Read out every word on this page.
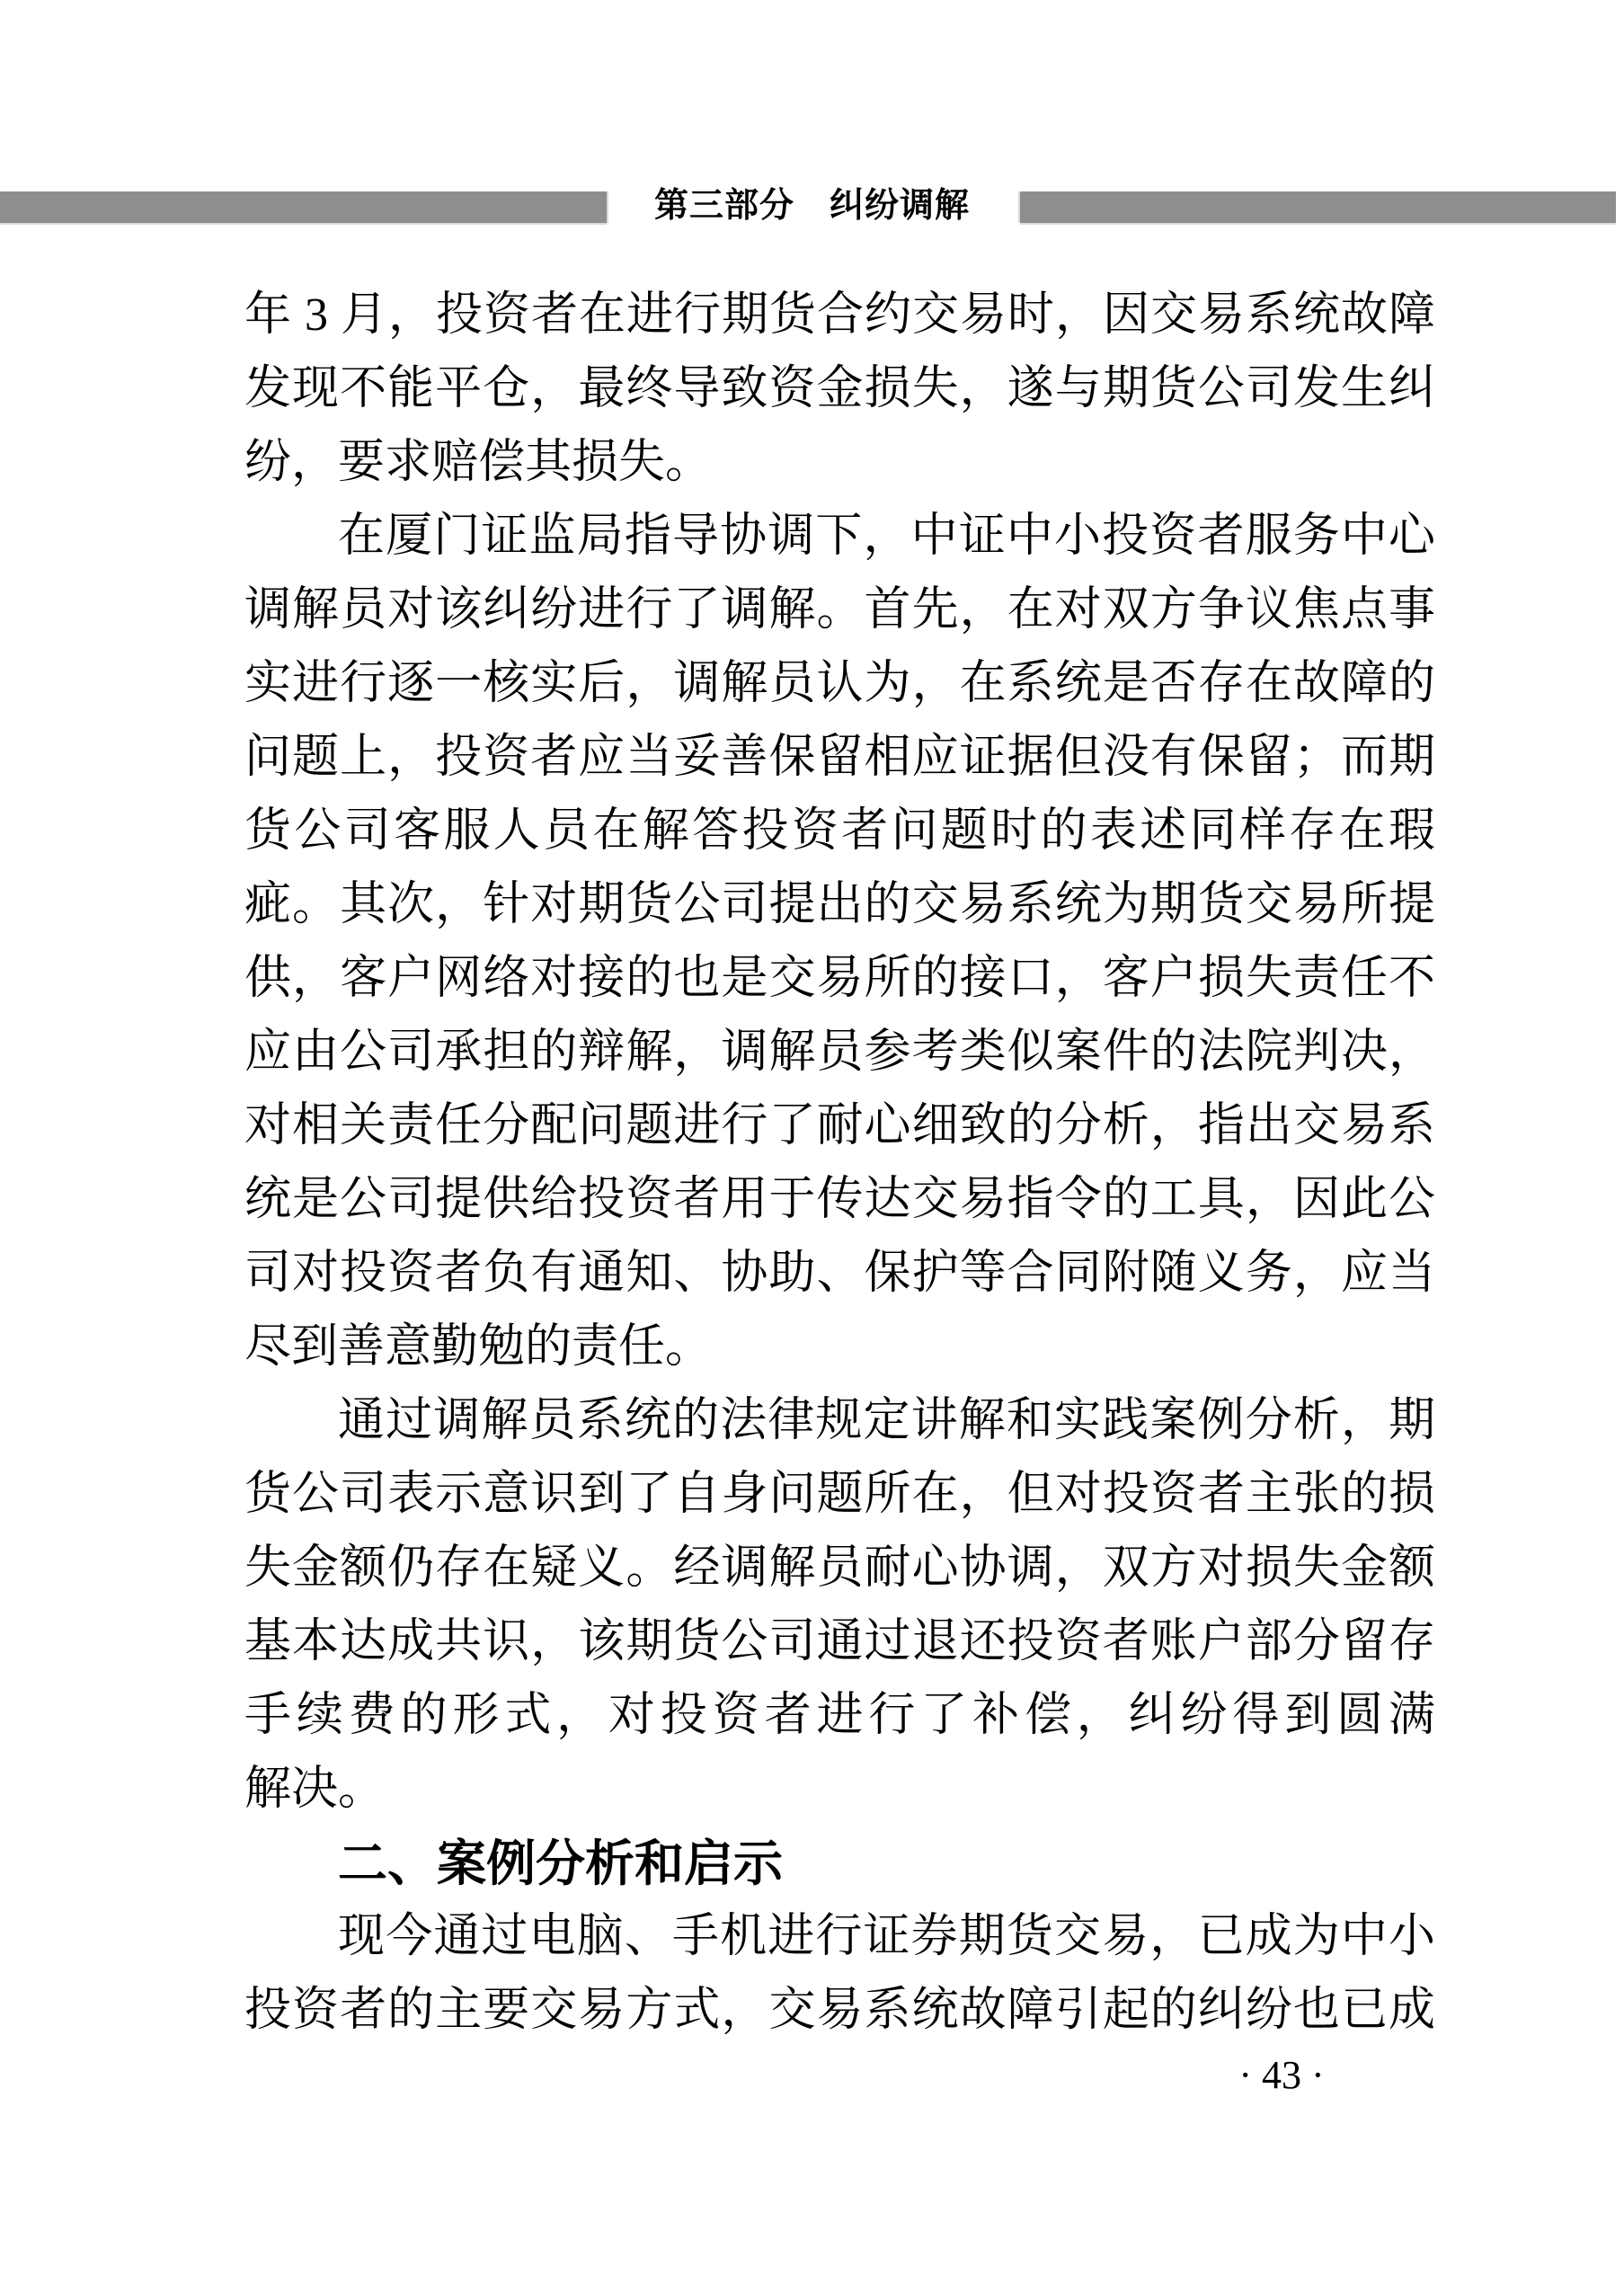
第三部分　纠纷调解
年 3 月，投资者在进行期货合约交易时，因交易系统故障
发现不能平仓，最终导致资金损失，遂与期货公司发生纠
纷，要求赔偿其损失。
在厦门证监局指导协调下，中证中小投资者服务中心
调解员对该纠纷进行了调解。首先，在对双方争议焦点事
实进行逐一核实后，调解员认为，在系统是否存在故障的
问题上，投资者应当妥善保留相应证据但没有保留；而期
货公司客服人员在解答投资者问题时的表述同样存在瑕
疵。其次，针对期货公司提出的交易系统为期货交易所提
供，客户网络对接的也是交易所的接口，客户损失责任不
应由公司承担的辩解，调解员参考类似案件的法院判决，
对相关责任分配问题进行了耐心细致的分析，指出交易系
统是公司提供给投资者用于传达交易指令的工具，因此公
司对投资者负有通知、协助、保护等合同附随义务，应当
尽到善意勤勉的责任。
通过调解员系统的法律规定讲解和实践案例分析，期
货公司表示意识到了自身问题所在，但对投资者主张的损
失金额仍存在疑义。经调解员耐心协调，双方对损失金额
基本达成共识，该期货公司通过退还投资者账户部分留存
手续费的形式，对投资者进行了补偿，纠纷得到圆满
解决。
二、案例分析和启示
现今通过电脑、手机进行证券期货交易，已成为中小
投资者的主要交易方式，交易系统故障引起的纠纷也已成
· 43 ·
